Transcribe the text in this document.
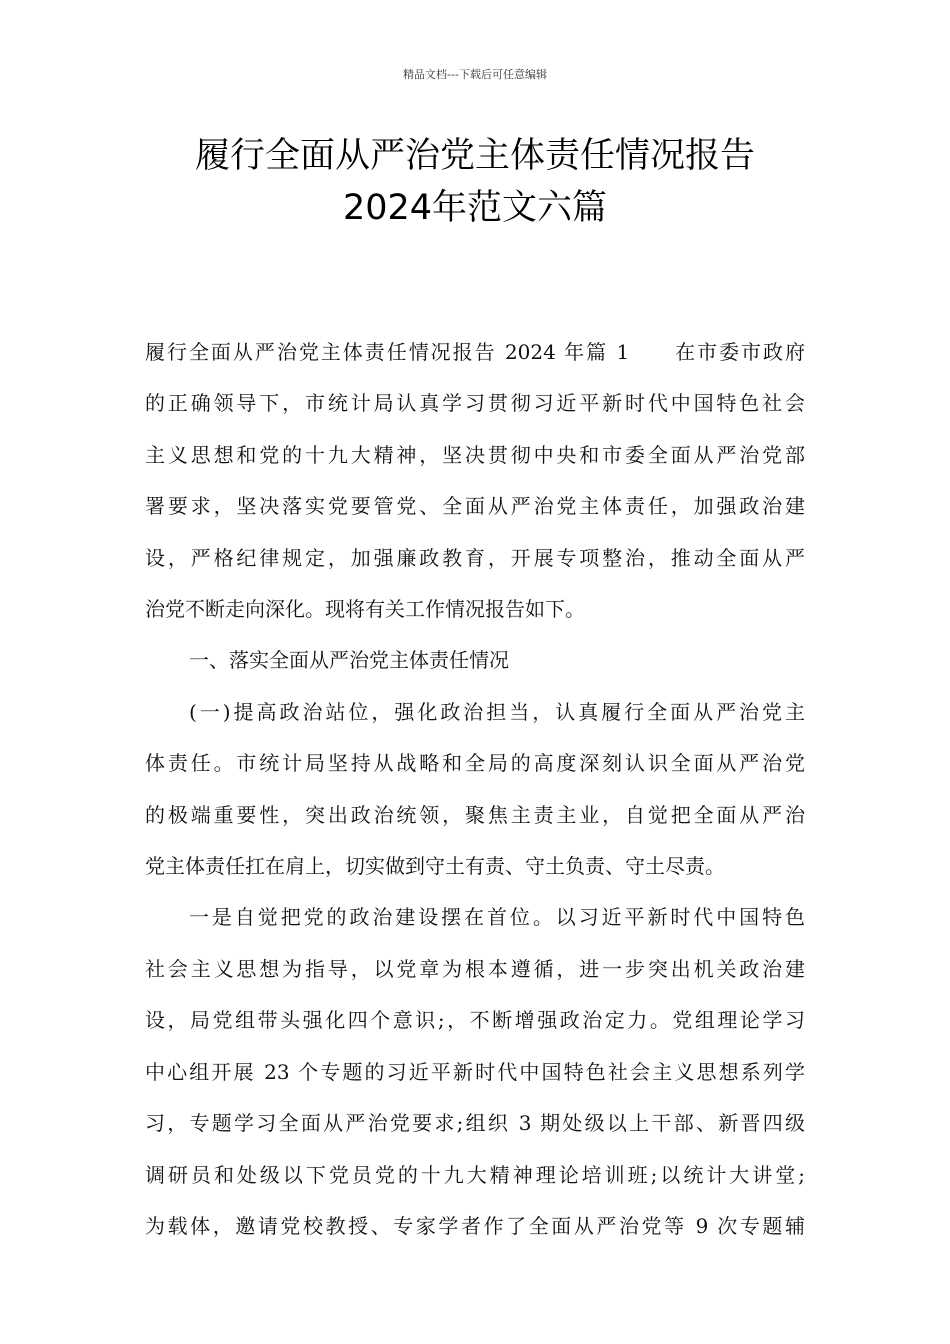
精品文档---下载后可任意编辑
履行全面从严治党主体责任情况报告
2024年范文六篇
履行全面从严治党主体责任情况报告 2024 年篇 1　　在市委市政府
的正确领导下，市统计局认真学习贯彻习近平新时代中国特色社会
主义思想和党的十九大精神，坚决贯彻中央和市委全面从严治党部
署要求，坚决落实党要管党、全面从严治党主体责任，加强政治建
设，严格纪律规定，加强廉政教育，开展专项整治，推动全面从严
治党不断走向深化。现将有关工作情况报告如下。
一、落实全面从严治党主体责任情况
(一)提高政治站位，强化政治担当，认真履行全面从严治党主
体责任。市统计局坚持从战略和全局的高度深刻认识全面从严治党
的极端重要性，突出政治统领，聚焦主责主业，自觉把全面从严治
党主体责任扛在肩上，切实做到守土有责、守土负责、守土尽责。
一是自觉把党的政治建设摆在首位。以习近平新时代中国特色
社会主义思想为指导，以党章为根本遵循，进一步突出机关政治建
设，局党组带头强化四个意识;，不断增强政治定力。党组理论学习
中心组开展 23 个专题的习近平新时代中国特色社会主义思想系列学
习，专题学习全面从严治党要求;组织 3 期处级以上干部、新晋四级
调研员和处级以下党员党的十九大精神理论培训班;以统计大讲堂;
为载体，邀请党校教授、专家学者作了全面从严治党等 9 次专题辅
